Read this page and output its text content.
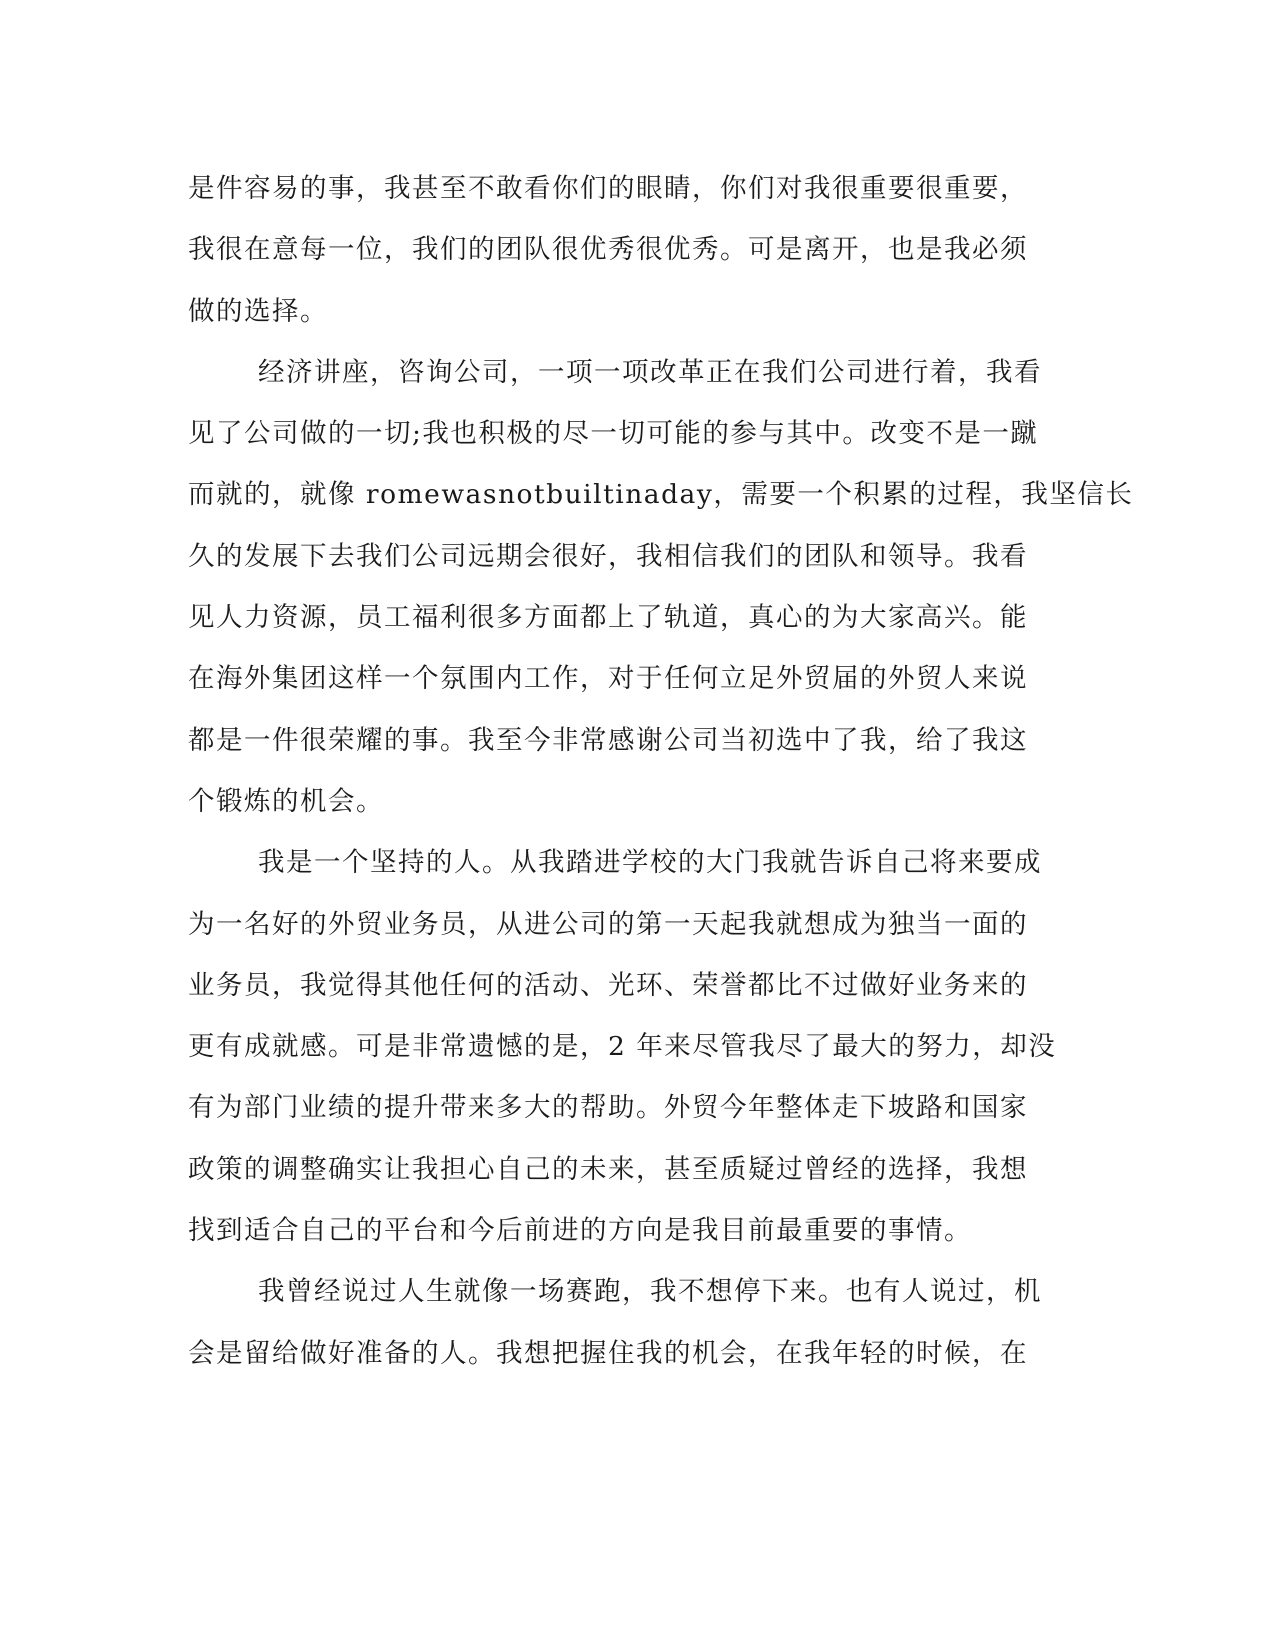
是件容易的事，我甚至不敢看你们的眼睛，你们对我很重要很重要，
我很在意每一位，我们的团队很优秀很优秀。可是离开，也是我必须
做的选择。
经济讲座，咨询公司，一项一项改革正在我们公司进行着，我看
见了公司做的一切;我也积极的尽一切可能的参与其中。改变不是一蹴
而就的，就像 romewasnotbuiltinaday，需要一个积累的过程，我坚信长
久的发展下去我们公司远期会很好，我相信我们的团队和领导。我看
见人力资源，员工福利很多方面都上了轨道，真心的为大家高兴。能
在海外集团这样一个氛围内工作，对于任何立足外贸届的外贸人来说
都是一件很荣耀的事。我至今非常感谢公司当初选中了我，给了我这
个锻炼的机会。
我是一个坚持的人。从我踏进学校的大门我就告诉自己将来要成
为一名好的外贸业务员，从进公司的第一天起我就想成为独当一面的
业务员，我觉得其他任何的活动、光环、荣誉都比不过做好业务来的
更有成就感。可是非常遗憾的是，2 年来尽管我尽了最大的努力，却没
有为部门业绩的提升带来多大的帮助。外贸今年整体走下坡路和国家
政策的调整确实让我担心自己的未来，甚至质疑过曾经的选择，我想
找到适合自己的平台和今后前进的方向是我目前最重要的事情。
我曾经说过人生就像一场赛跑，我不想停下来。也有人说过，机
会是留给做好准备的人。我想把握住我的机会，在我年轻的时候，在
